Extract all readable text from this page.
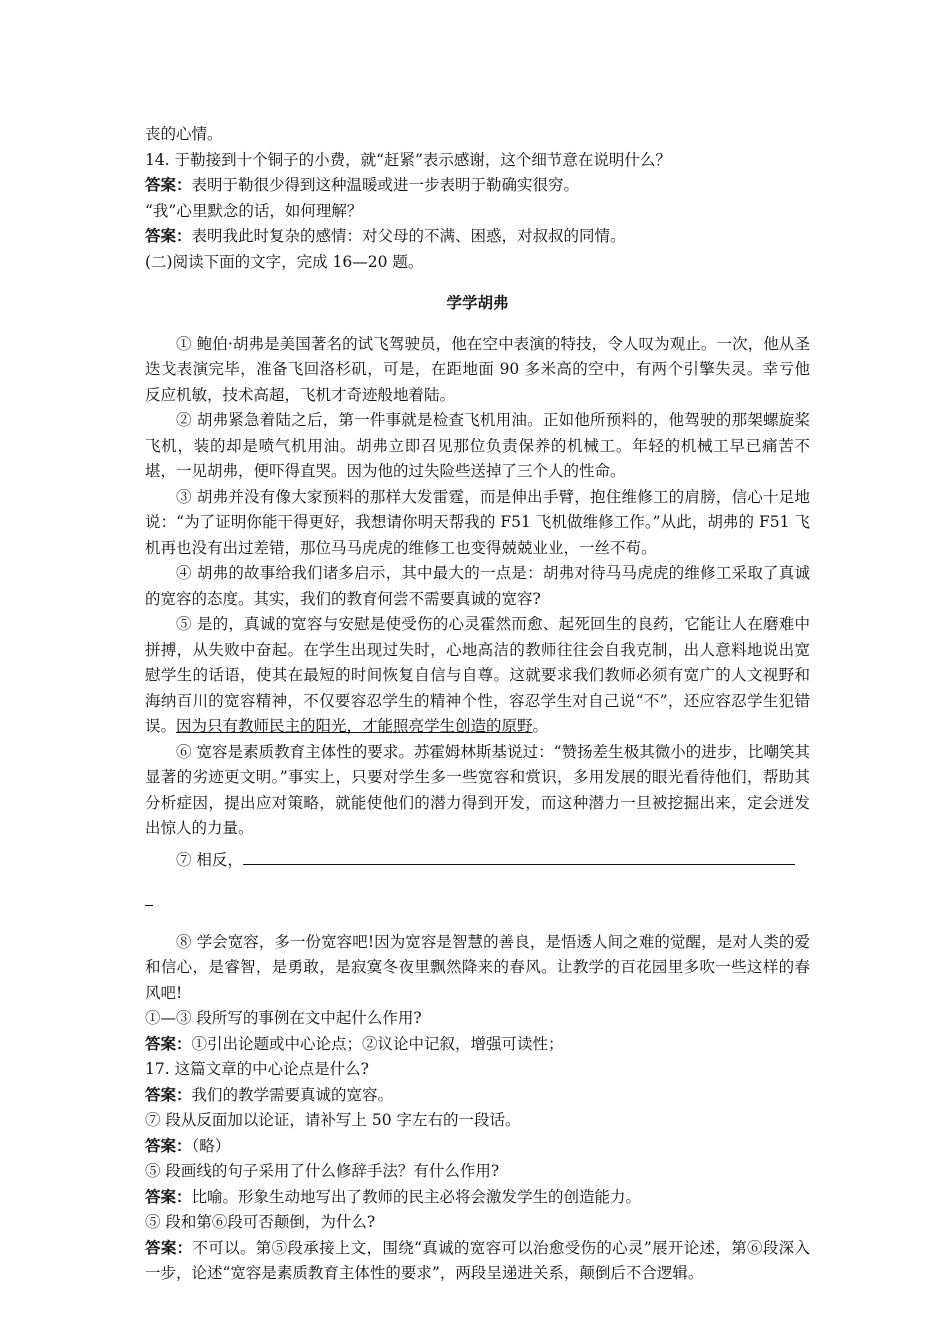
丧的心情。

14. 于勒接到十个铜子的小费，就“赶紧”表示感谢，这个细节意在说明什么？

答案：表明于勒很少得到这种温暖或进一步表明于勒确实很穷。

“我”心里默念的话，如何理解？

答案：表明我此时复杂的感情：对父母的不满、困惑，对叔叔的同情。

(二)阅读下面的文字，完成 16—20 题。

学学胡弗

① 鲍伯·胡弗是美国著名的试飞驾驶员，他在空中表演的特技，令人叹为观止。一次，他从圣迭戈表演完毕，准备飞回洛杉矶，可是，在距地面 90 多米高的空中，有两个引擎失灵。幸亏他反应机敏，技术高超，飞机才奇迹般地着陆。

② 胡弗紧急着陆之后，第一件事就是检查飞机用油。正如他所预料的，他驾驶的那架螺旋桨飞机，装的却是喷气机用油。胡弗立即召见那位负责保养的机械工。年轻的机械工早已痛苦不堪，一见胡弗，便吓得直哭。因为他的过失险些送掉了三个人的性命。

③ 胡弗并没有像大家预料的那样大发雷霆，而是伸出手臂，抱住维修工的肩膀，信心十足地说：“为了证明你能干得更好，我想请你明天帮我的 F51 飞机做维修工作。”从此，胡弗的 F51 飞机再也没有出过差错，那位马马虎虎的维修工也变得兢兢业业，一丝不苟。

④ 胡弗的故事给我们诸多启示，其中最大的一点是：胡弗对待马马虎虎的维修工采取了真诚的宽容的态度。其实，我们的教育何尝不需要真诚的宽容?

⑤ 是的，真诚的宽容与安慰是使受伤的心灵霍然而愈、起死回生的良药，它能让人在磨难中拼搏，从失败中奋起。在学生出现过失时，心地高洁的教师往往会自我克制，出人意料地说出宽慰学生的话语，使其在最短的时间恢复自信与自尊。这就要求我们教师必须有宽广的人文视野和海纳百川的宽容精神，不仅要容忍学生的精神个性，容忍学生对自己说“不”，还应容忍学生犯错误。因为只有教师民主的阳光，才能照亮学生创造的原野。

⑥ 宽容是素质教育主体性的要求。苏霍姆林斯基说过：“赞扬差生极其微小的进步，比嘲笑其显著的劣迹更文明。”事实上，只要对学生多一些宽容和赏识，多用发展的眼光看待他们，帮助其分析症因，提出应对策略，就能使他们的潜力得到开发，而这种潜力一旦被挖掘出来，定会迸发出惊人的力量。

⑦ 相反，

⑧ 学会宽容，多一份宽容吧!因为宽容是智慧的善良，是悟透人间之难的觉醒，是对人类的爱和信心，是睿智，是勇敢，是寂寞冬夜里飘然降来的春风。让教学的百花园里多吹一些这样的春风吧!

①—③ 段所写的事例在文中起什么作用?

答案：①引出论题或中心论点；②议论中记叙，增强可读性；

17. 这篇文章的中心论点是什么?

答案：我们的教学需要真诚的宽容。

⑦ 段从反面加以论证，请补写上 50 字左右的一段话。

答案：（略）

⑤ 段画线的句子采用了什么修辞手法？有什么作用?

答案：比喻。形象生动地写出了教师的民主必将会激发学生的创造能力。

⑤ 段和第⑥段可否颠倒，为什么?

答案：不可以。第⑤段承接上文，围绕“真诚的宽容可以治愈受伤的心灵”展开论述，第⑥段深入一步，论述“宽容是素质教育主体性的要求”，两段呈递进关系，颠倒后不合逻辑。
